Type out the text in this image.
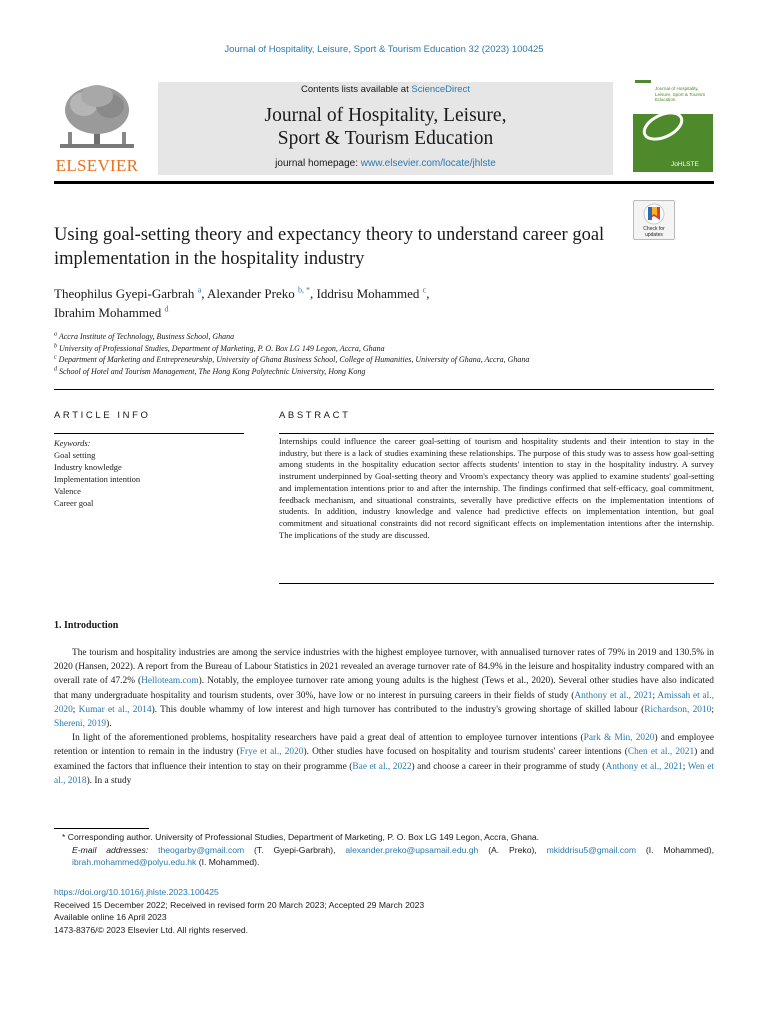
Journal of Hospitality, Leisure, Sport & Tourism Education 32 (2023) 100425
ELSEVIER
Contents lists available at ScienceDirect
Journal of Hospitality, Leisure,
Sport & Tourism Education
journal homepage: www.elsevier.com/locate/jhlste
Journal of Hospitality, Leisure, Sport & Tourism Education
JoHLSTE
Check for updates
Using goal-setting theory and expectancy theory to understand career goal implementation in the hospitality industry
Theophilus Gyepi-Garbrah $^a$, Alexander Preko $^{b, *}$, Iddrisu Mohammed $^c$,
Ibrahim Mohammed $^d$
$^a$ Accra Institute of Technology, Business School, Ghana
$^b$ University of Professional Studies, Department of Marketing, P. O. Box LG 149 Legon, Accra, Ghana
$^c$ Department of Marketing and Entrepreneurship, University of Ghana Business School, College of Humanities, University of Ghana, Accra, Ghana
$^d$ School of Hotel and Tourism Management, The Hong Kong Polytechnic University, Hong Kong
ARTICLE INFO	ABSTRACT
Keywords:
Goal setting
Industry knowledge
Implementation intention
Valence
Career goal
Internships could influence the career goal-setting of tourism and hospitality students and their intention to stay in the industry, but there is a lack of studies examining these relationships. The purpose of this study was to assess how goal-setting among students in the hospitality education sector affects students' intention to stay in the hospitality industry. A survey instrument underpinned by Goal-setting theory and Vroom's expectancy theory was applied to examine students' goal-setting and implementation intentions prior to and after the internship. The findings confirmed that self-efficacy, goal commitment, feedback mechanism, and situational constraints, severally have predictive effects on the implementation intentions of students. In addition, industry knowledge and valence had predictive effects on implementation intention, but goal commitment and situational constraints did not record significant effects on implementation intentions after the internship. The implications of the study are discussed.
1. Introduction

The tourism and hospitality industries are among the service industries with the highest employee turnover, with annualised turnover rates of 79% in 2019 and 130.5% in 2020 (Hansen, 2022). A report from the Bureau of Labour Statistics in 2021 revealed an average turnover rate of 84.9% in the leisure and hospitality industry compared with an overall rate of 47.2% (Helloteam.com). Notably, the employee turnover rate among young adults is the highest (Tews et al., 2020). Several other studies have also indicated that many undergraduate hospitality and tourism students, over 30%, have low or no interest in pursuing careers in their fields of study (Anthony et al., 2021; Amissah et al., 2020; Kumar et al., 2014). This double whammy of low interest and high turnover has contributed to the industry's growing shortage of skilled labour (Richardson, 2010; Shereni, 2019).

In light of the aforementioned problems, hospitality researchers have paid a great deal of attention to employee turnover intentions (Park & Min, 2020) and employee retention or intention to remain in the industry (Frye et al., 2020). Other studies have focused on hospitality and tourism students' career intentions (Chen et al., 2021) and examined the factors that influence their intention to stay on their programme (Bae et al., 2022) and choose a career in their programme of study (Anthony et al., 2021; Wen et al., 2018). In a study

* Corresponding author. University of Professional Studies, Department of Marketing, P. O. Box LG 149 Legon, Accra, Ghana.
E-mail addresses: theogarby@gmail.com (T. Gyepi-Garbrah), alexander.preko@upsamail.edu.gh (A. Preko), mkiddrisu5@gmail.com (I. Mohammed), ibrah.mohammed@polyu.edu.hk (I. Mohammed).
https://doi.org/10.1016/j.jhlste.2023.100425
Received 15 December 2022; Received in revised form 20 March 2023; Accepted 29 March 2023
Available online 16 April 2023
1473-8376/© 2023 Elsevier Ltd. All rights reserved.
